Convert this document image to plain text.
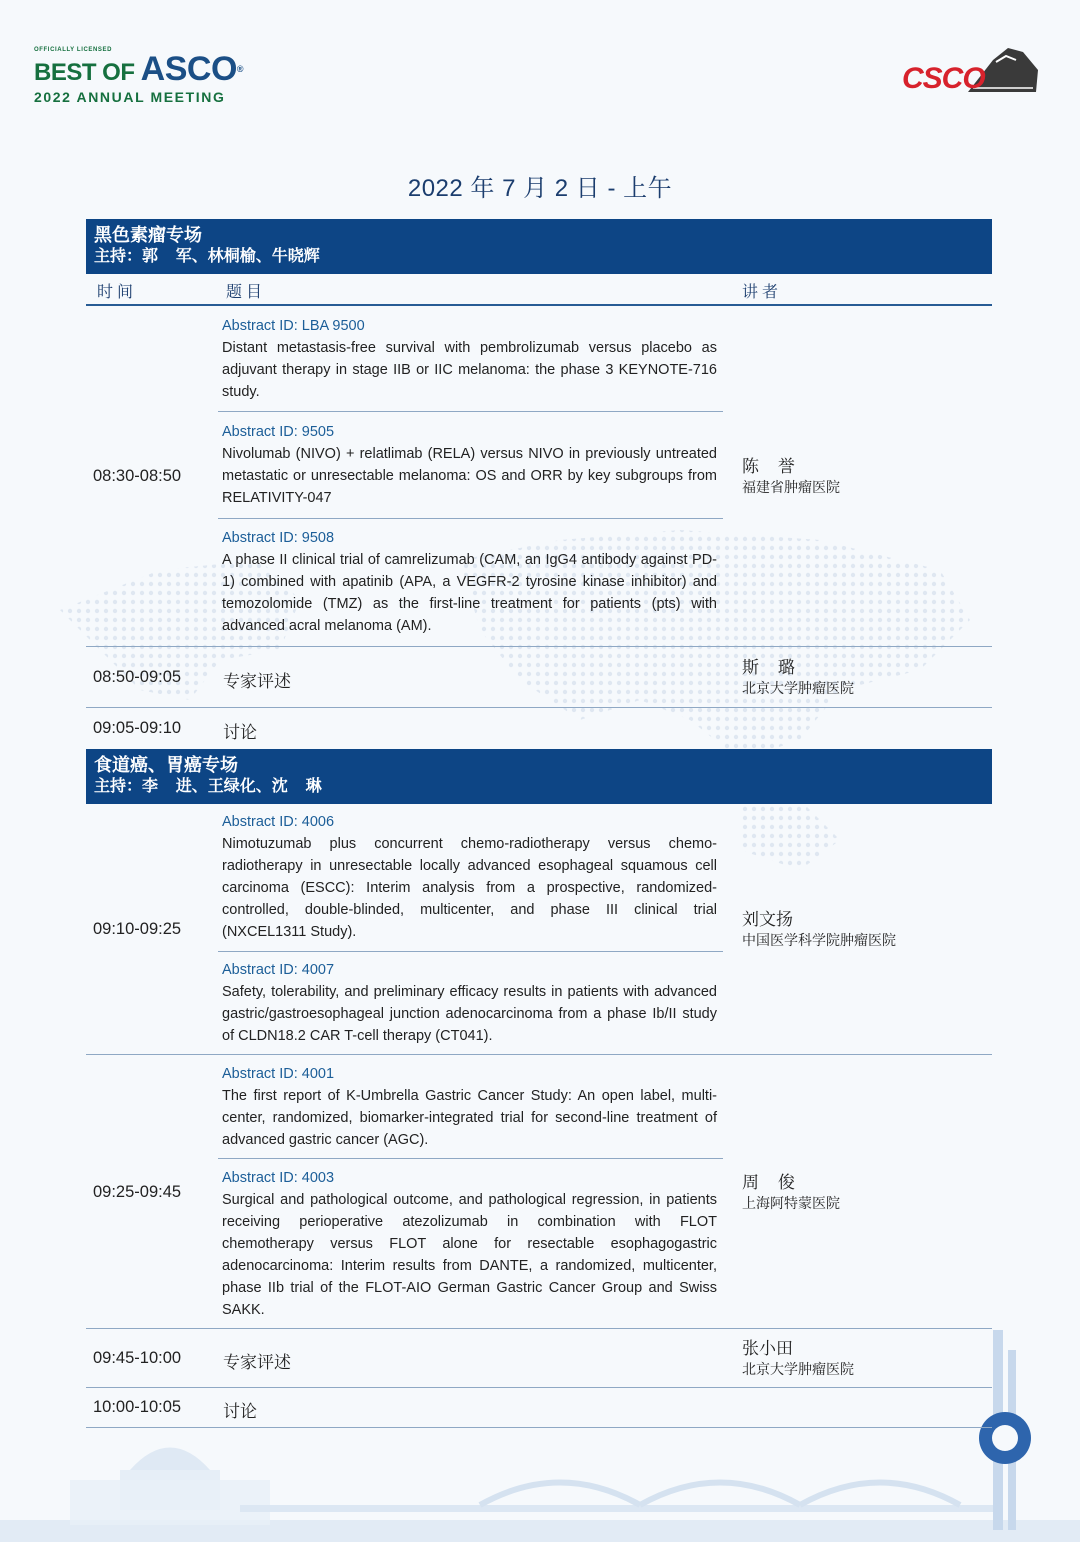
OFFICIALLY LICENSED
BEST OF ASCO®
2022 ANNUAL MEETING
CSCO
2022 年 7 月 2 日 - 上午
黑色素瘤专场
主持：郭    军、林桐榆、牛晓辉
时间	题目	讲者
08:30-08:50
Abstract ID: LBA 9500
Distant metastasis-free survival with pembrolizumab versus placebo as adjuvant therapy in stage IIB or IIC melanoma: the phase 3 KEYNOTE-716 study.
Abstract ID: 9505
Nivolumab (NIVO) + relatlimab (RELA) versus NIVO in previously untreated metastatic or unresectable melanoma: OS and ORR by key subgroups from RELATIVITY-047
Abstract ID: 9508
A phase II clinical trial of camrelizumab (CAM, an IgG4 antibody against PD-1) combined with apatinib (APA, a VEGFR-2 tyrosine kinase inhibitor) and temozolomide (TMZ) as the first-line treatment for patients (pts) with advanced acral melanoma (AM).
陈    誉
福建省肿瘤医院
08:50-09:05 专家评述
斯    璐
北京大学肿瘤医院
09:05-09:10 讨论
食道癌、胃癌专场
主持：李    进、王绿化、沈    琳
09:10-09:25
Abstract ID: 4006
Nimotuzumab plus concurrent chemo-radiotherapy versus chemo-radiotherapy in unresectable locally advanced esophageal squamous cell carcinoma (ESCC): Interim analysis from a prospective, randomized-controlled, double-blinded, multicenter, and phase III clinical trial (NXCEL1311 Study).
Abstract ID: 4007
Safety, tolerability, and preliminary efficacy results in patients with advanced gastric/gastroesophageal junction adenocarcinoma from a phase Ib/II study of CLDN18.2 CAR T-cell therapy (CT041).
刘文扬
中国医学科学院肿瘤医院
09:25-09:45
Abstract ID: 4001
The first report of K-Umbrella Gastric Cancer Study: An open label, multi-center, randomized, biomarker-integrated trial for second-line treatment of advanced gastric cancer (AGC).
Abstract ID: 4003
Surgical and pathological outcome, and pathological regression, in patients receiving perioperative atezolizumab in combination with FLOT chemotherapy versus FLOT alone for resectable esophagogastric adenocarcinoma: Interim results from DANTE, a randomized, multicenter, phase IIb trial of the FLOT-AIO German Gastric Cancer Group and Swiss SAKK.
周    俊
上海阿特蒙医院
09:45-10:00 专家评述
张小田
北京大学肿瘤医院
10:00-10:05 讨论
